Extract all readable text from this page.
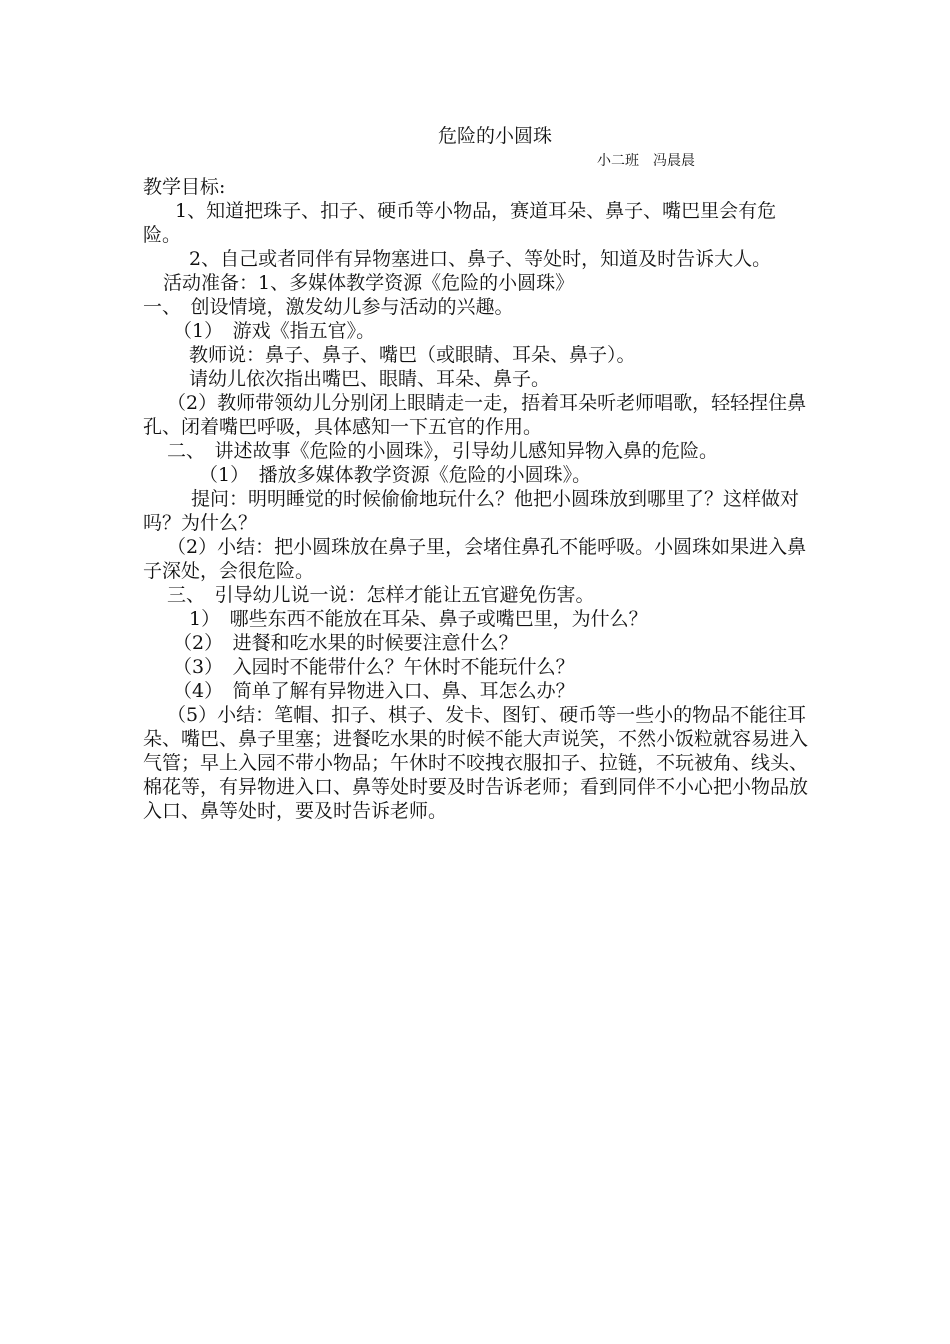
危险的小圆珠
小二班　冯晨晨
教学目标:
1、知道把珠子、扣子、硬币等小物品，赛道耳朵、鼻子、嘴巴里会有危险。
2、自己或者同伴有异物塞进口、鼻子、等处时，知道及时告诉大人。
活动准备：1、多媒体教学资源《危险的小圆珠》
一、　创设情境，激发幼儿参与活动的兴趣。
（1）　游戏《指五官》。
教师说：鼻子、鼻子、嘴巴（或眼睛、耳朵、鼻子）。
请幼儿依次指出嘴巴、眼睛、耳朵、鼻子。
（2）教师带领幼儿分别闭上眼睛走一走，捂着耳朵听老师唱歌，轻轻捏住鼻孔、闭着嘴巴呼吸，具体感知一下五官的作用。
二、　讲述故事《危险的小圆珠》，引导幼儿感知异物入鼻的危险。
（1）　播放多媒体教学资源《危险的小圆珠》。
提问：明明睡觉的时候偷偷地玩什么？他把小圆珠放到哪里了？这样做对吗？为什么？
（2）小结：把小圆珠放在鼻子里，会堵住鼻孔不能呼吸。小圆珠如果进入鼻子深处，会很危险。
三、　引导幼儿说一说：怎样才能让五官避免伤害。
1）　哪些东西不能放在耳朵、鼻子或嘴巴里，为什么？
（2）　进餐和吃水果的时候要注意什么？
（3）　入园时不能带什么？午休时不能玩什么？
（4）　简单了解有异物进入口、鼻、耳怎么办？
（5）小结：笔帽、扣子、棋子、发卡、图钉、硬币等一些小的物品不能往耳朵、嘴巴、鼻子里塞；进餐吃水果的时候不能大声说笑，不然小饭粒就容易进入气管；早上入园不带小物品；午休时不咬拽衣服扣子、拉链，不玩被角、线头、棉花等，有异物进入口、鼻等处时要及时告诉老师；看到同伴不小心把小物品放入口、鼻等处时，要及时告诉老师。
